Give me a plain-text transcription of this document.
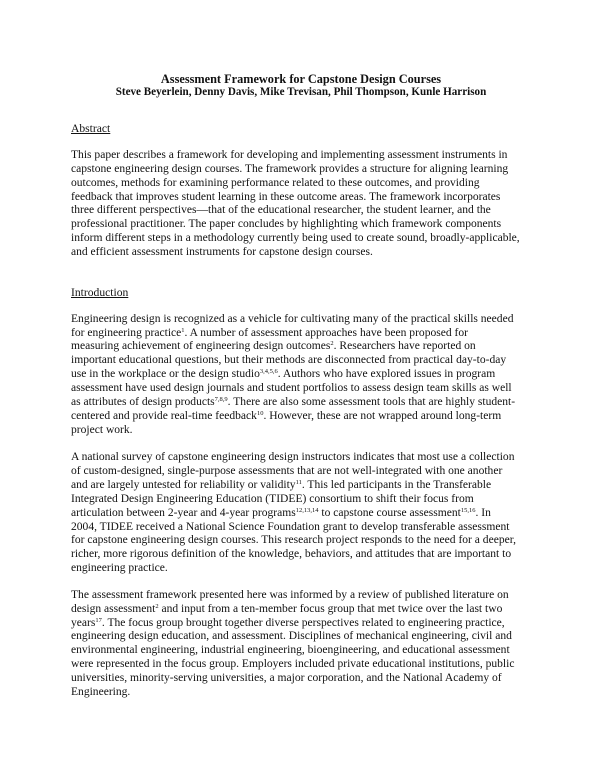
Assessment Framework for Capstone Design Courses

Steve Beyerlein, Denny Davis, Mike Trevisan, Phil Thompson, Kunle Harrison

Abstract

This paper describes a framework for developing and implementing assessment instruments in
capstone engineering design courses. The framework provides a structure for aligning learning
outcomes, methods for examining performance related to these outcomes, and providing
feedback that improves student learning in these outcome areas. The framework incorporates
three different perspectives—that of the educational researcher, the student learner, and the
professional practitioner. The paper concludes by highlighting which framework components
inform different steps in a methodology currently being used to create sound, broadly-applicable,
and efficient assessment instruments for capstone design courses.

Introduction

Engineering design is recognized as a vehicle for cultivating many of the practical skills needed
for engineering practice$^1$. A number of assessment approaches have been proposed for
measuring achievement of engineering design outcomes$^2$. Researchers have reported on
important educational questions, but their methods are disconnected from practical day-to-day
use in the workplace or the design studio$^{3,4,5,6}$. Authors who have explored issues in program
assessment have used design journals and student portfolios to assess design team skills as well
as attributes of design products$^{7,8,9}$. There are also some assessment tools that are highly student-
centered and provide real-time feedback$^{10}$. However, these are not wrapped around long-term
project work.
A national survey of capstone engineering design instructors indicates that most use a collection
of custom-designed, single-purpose assessments that are not well-integrated with one another
and are largely untested for reliability or validity$^{11}$. This led participants in the Transferable
Integrated Design Engineering Education (TIDEE) consortium to shift their focus from
articulation between 2-year and 4-year programs$^{12,13,14}$ to capstone course assessment$^{15,16}$. In
2004, TIDEE received a National Science Foundation grant to develop transferable assessment
for capstone engineering design courses. This research project responds to the need for a deeper,
richer, more rigorous definition of the knowledge, behaviors, and attitudes that are important to
engineering practice.
The assessment framework presented here was informed by a review of published literature on
design assessment$^2$ and input from a ten-member focus group that met twice over the last two
years$^{17}$. The focus group brought together diverse perspectives related to engineering practice,
engineering design education, and assessment. Disciplines of mechanical engineering, civil and
environmental engineering, industrial engineering, bioengineering, and educational assessment
were represented in the focus group. Employers included private educational institutions, public
universities, minority-serving universities, a major corporation, and the National Academy of
Engineering.
